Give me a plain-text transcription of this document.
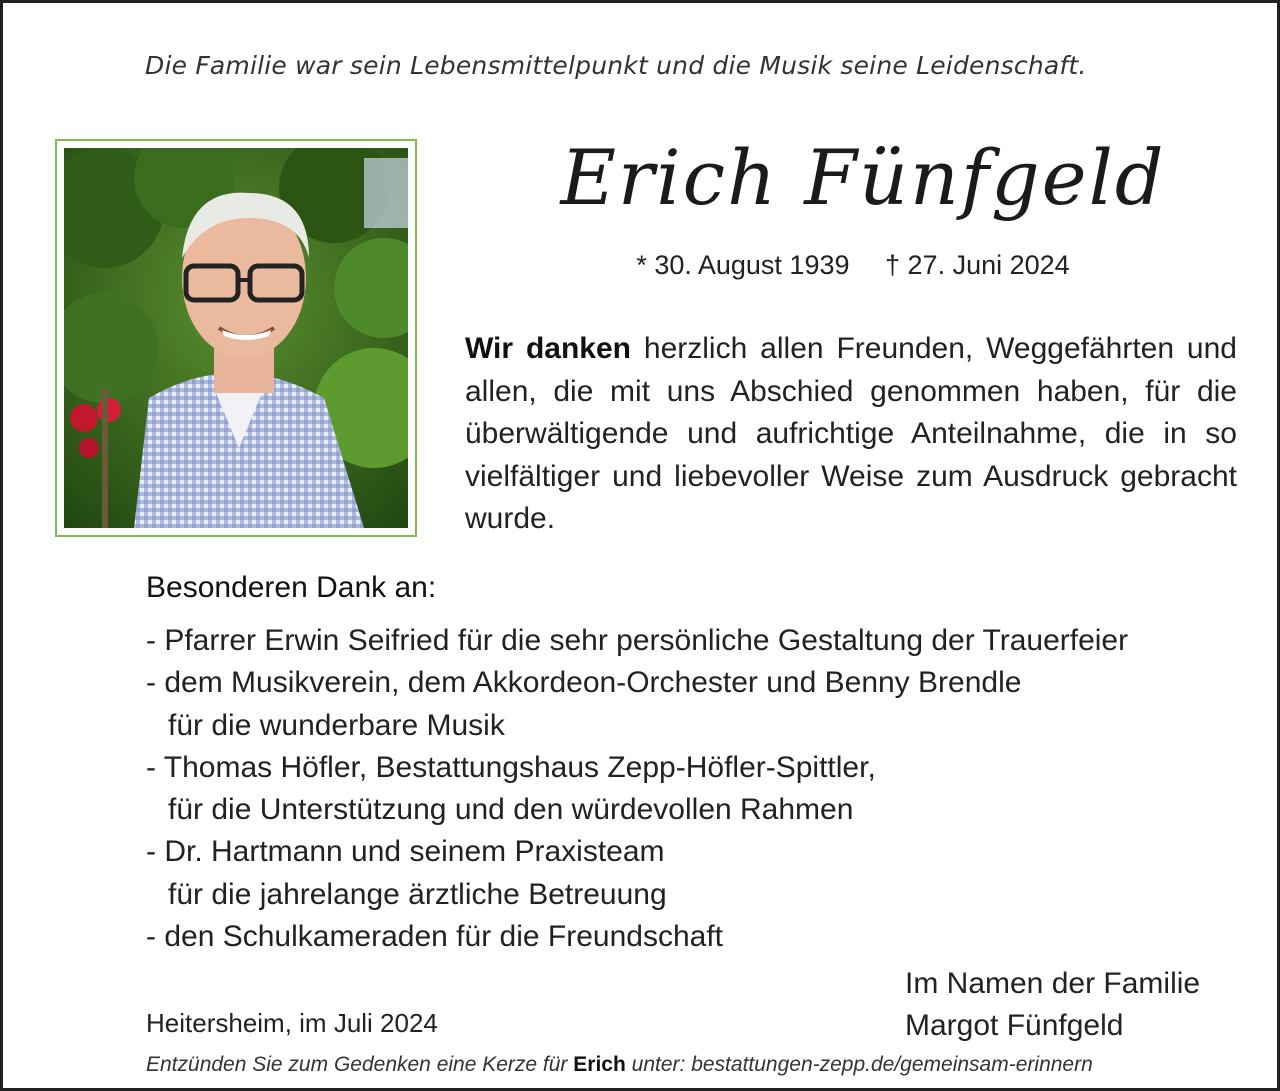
Die Familie war sein Lebensmittelpunkt und die Musik seine Leidenschaft.
Erich Fünfgeld
* 30. August 1939 † 27. Juni 2024
Wir danken herzlich allen Freunden, Weggefährten und allen, die mit uns Abschied genommen haben, für die überwältigende und aufrichtige Anteilnahme, die in so vielfältiger und liebevoller Weise zum Ausdruck gebracht wurde.
Besonderen Dank an:
- Pfarrer Erwin Seifried für die sehr persönliche Gestaltung der Trauerfeier
- dem Musikverein, dem Akkordeon-Orchester und Benny Brendle
für die wunderbare Musik
- Thomas Höfler, Bestattungshaus Zepp-Höfler-Spittler,
für die Unterstützung und den würdevollen Rahmen
- Dr. Hartmann und seinem Praxisteam
für die jahrelange ärztliche Betreuung
- den Schulkameraden für die Freundschaft
Heitersheim, im Juli 2024
Im Namen der Familie
Margot Fünfgeld
Entzünden Sie zum Gedenken eine Kerze für Erich unter: bestattungen-zepp.de/gemeinsam-erinnern
